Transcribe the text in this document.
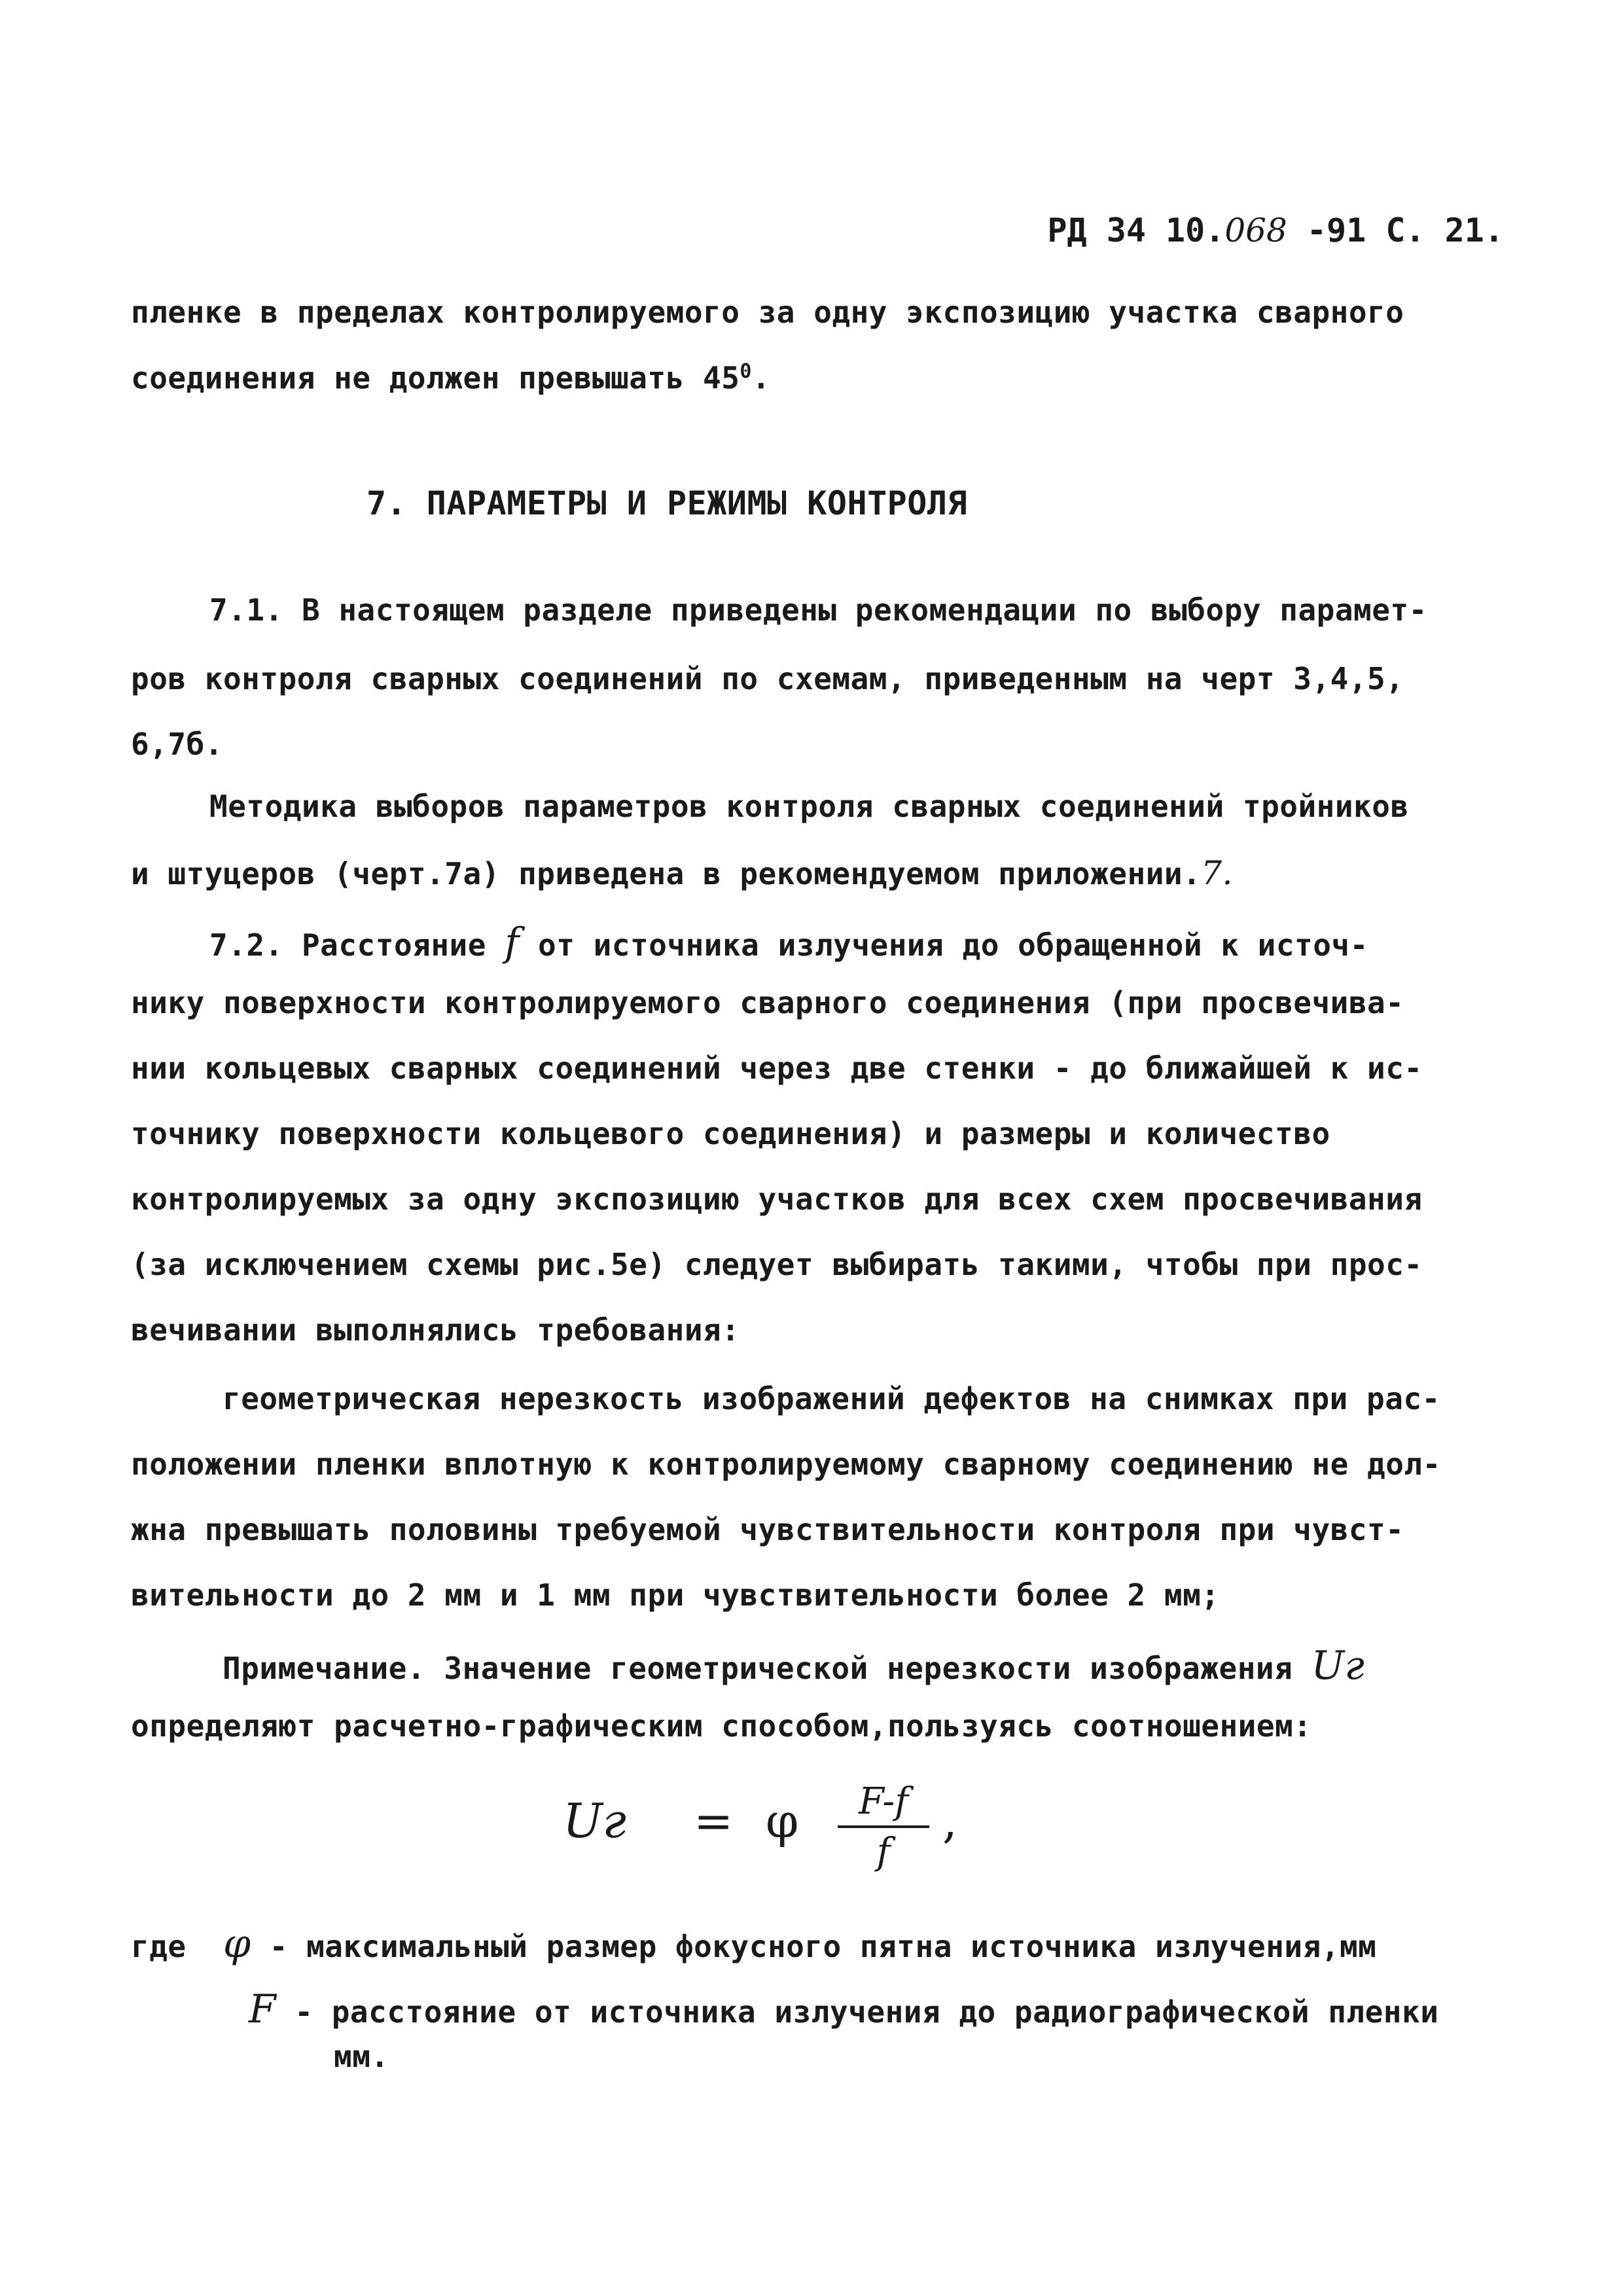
РД 34 10.068 -91 С. 21.

пленке в пределах контролируемого за одну экспозицию участка сварного
соединения не должен превышать $45^0$.
7. ПАРАМЕТРЫ И РЕЖИМЫ КОНТРОЛЯ
7.1. В настоящем разделе приведены рекомендации по выбору парамет-
ров контроля сварных соединений по схемам, приведенным на черт 3,4,5,
6,7б.
Методика выборов параметров контроля сварных соединений тройников
и штуцеров (черт.7а) приведена в рекомендуемом приложении.7.
7.2. Расстояние f от источника излучения до обращенной к источ-
нику поверхности контролируемого сварного соединения (при просвечива-
нии кольцевых сварных соединений через две стенки - до ближайшей к ис-
точнику поверхности кольцевого соединения) и размеры и количество
контролируемых за одну экспозицию участков для всех схем просвечивания
(за исключением схемы рис.5е) следует выбирать такими, чтобы при прос-
вечивании выполнялись требования:
геометрическая нерезкость изображений дефектов на снимках при рас-
положении пленки вплотную к контролируемому сварному соединению не дол-
жна превышать половины требуемой чувствительности контроля при чувст-
вительности до 2 мм и 1 мм при чувствительности более 2 мм;
Примечание. Значение геометрической нерезкости изображения Uг
определяют расчетно-графическим способом,пользуясь соотношением:
Uг = φ	F-f
f
,
где φ - максимальный размер фокусного пятна источника излучения,мм
F - расстояние от источника излучения до радиографической пленки
мм.
